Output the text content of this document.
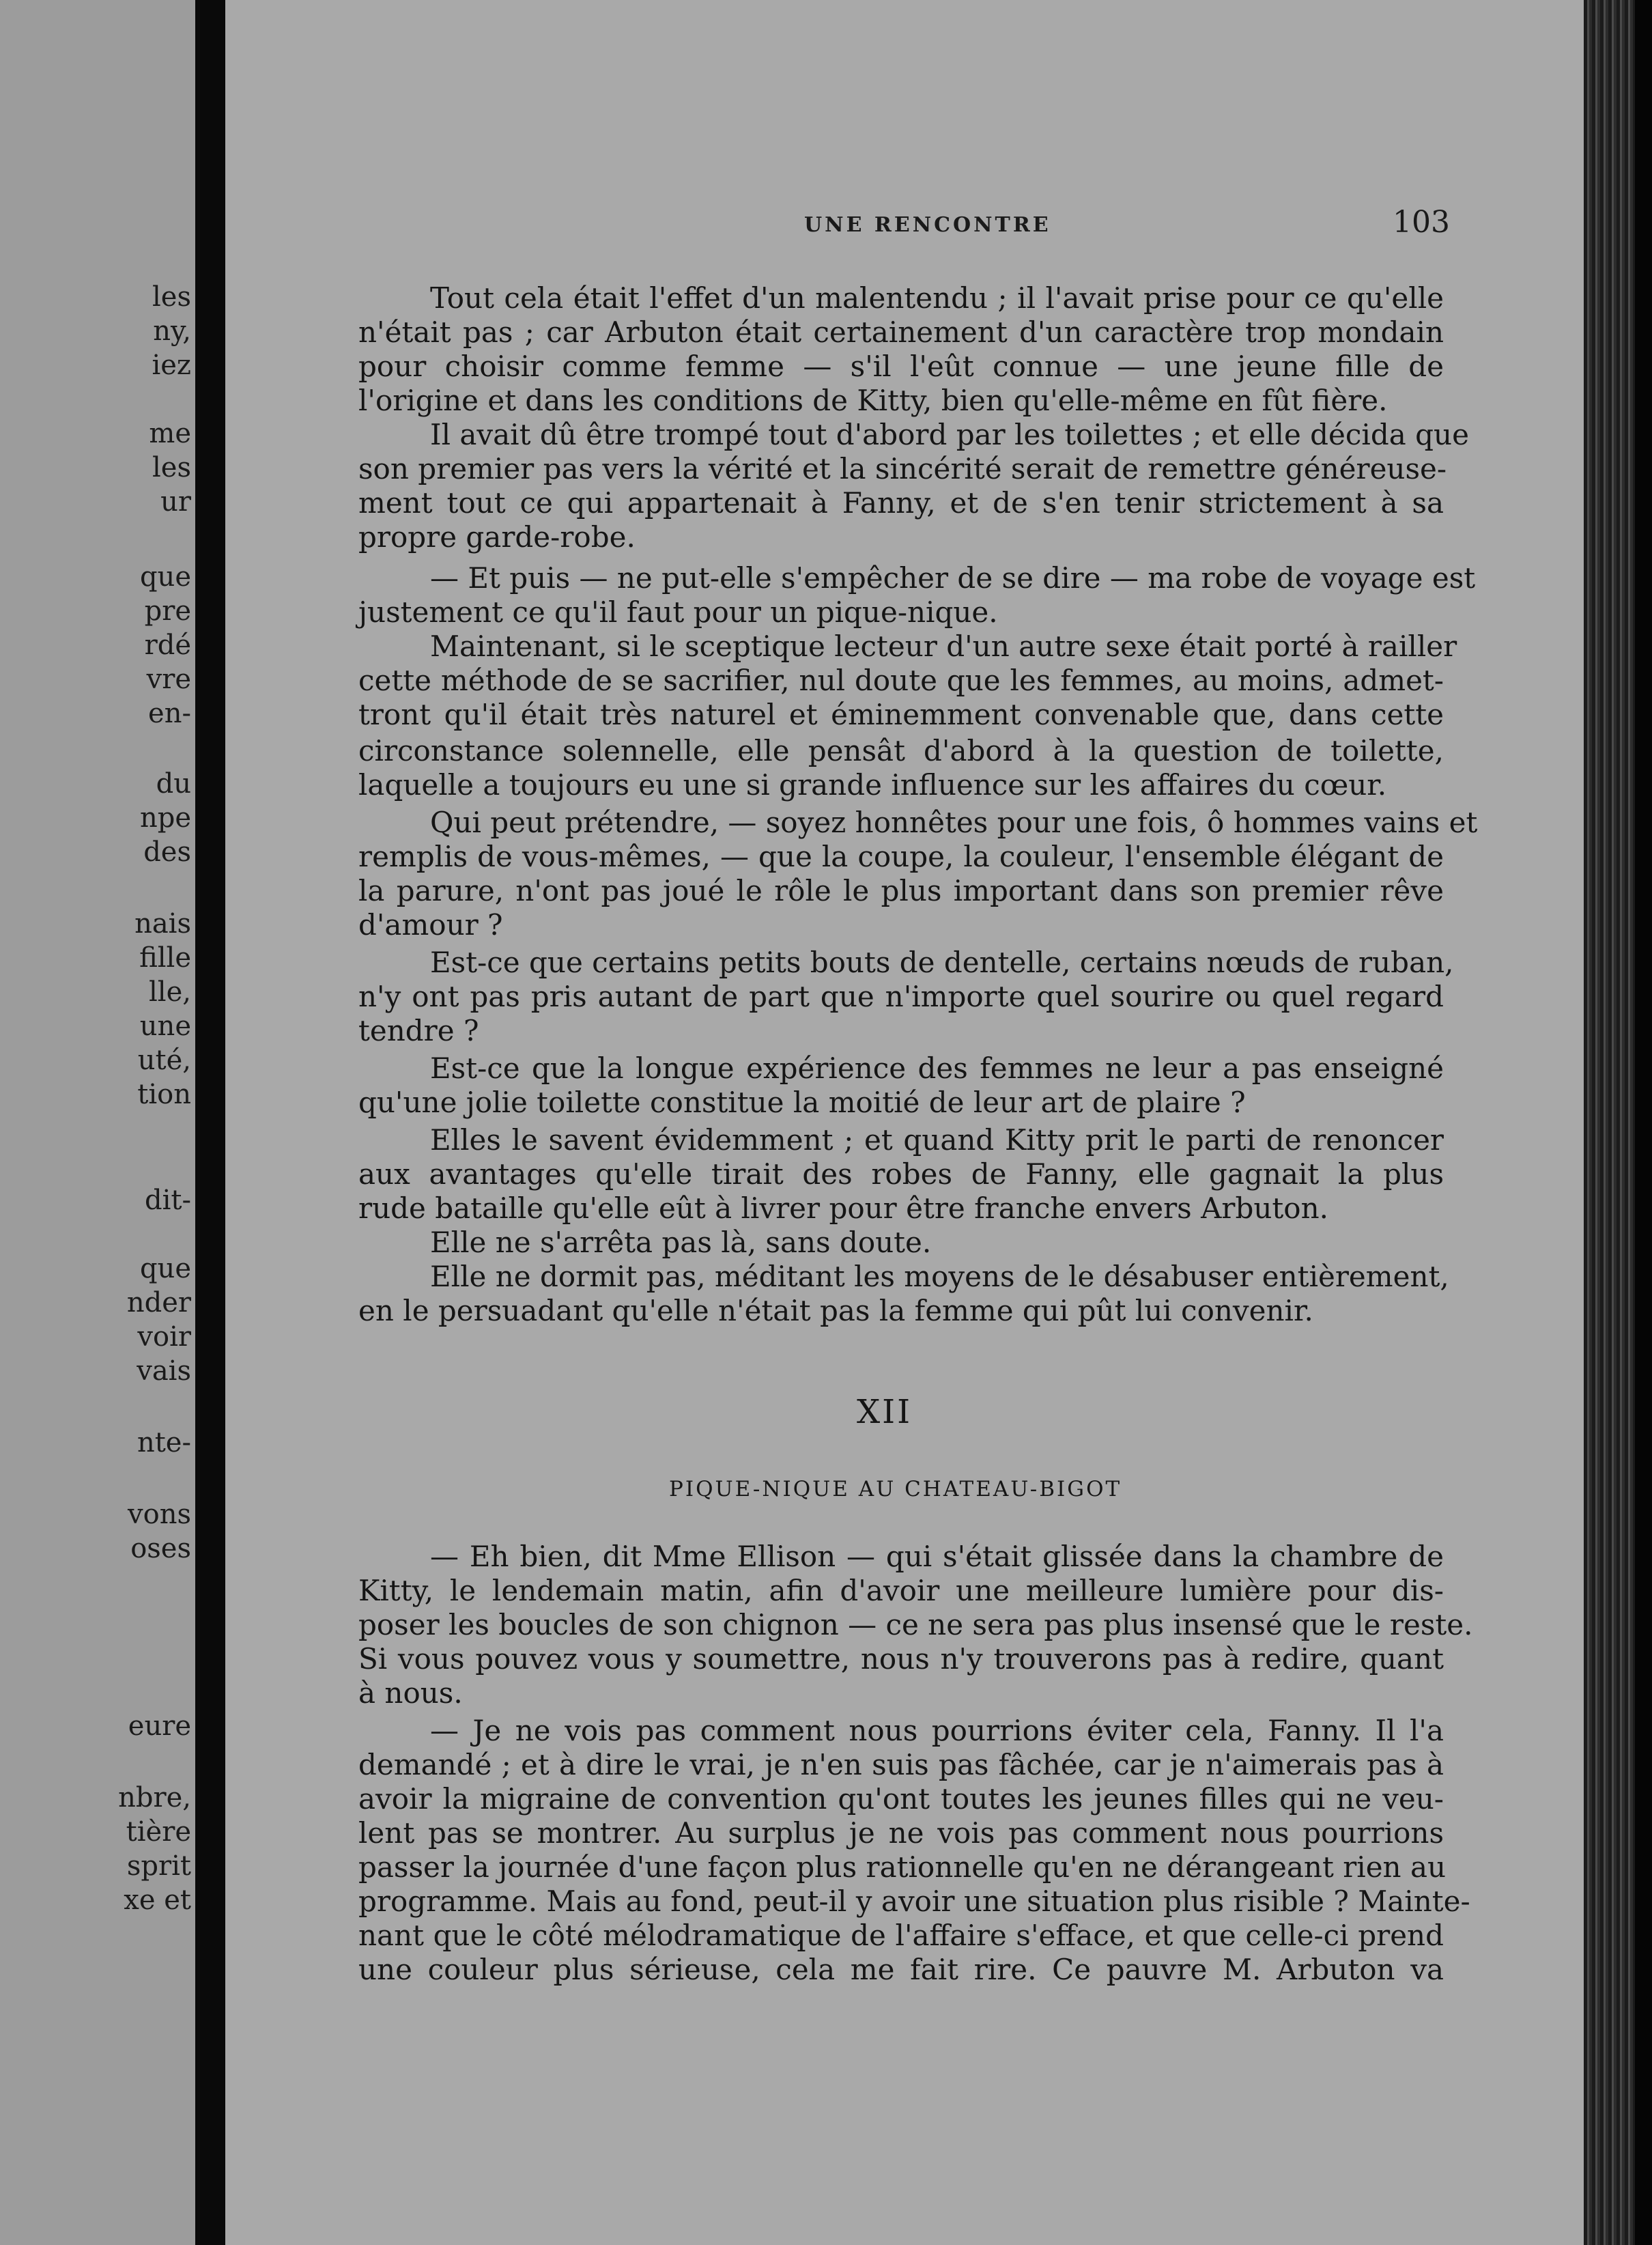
les
ny,
iez
me
les
ur
que
pre
rdé
vre
en-
du
npe
des
nais
fille
lle,
une
uté,
tion
dit-
que
nder
voir
vais
nte-
vons
oses
eure
nbre,
tière
sprit
xe et
UNE RENCONTRE	103
Tout cela était l'effet d'un malentendu ; il l'avait prise pour ce qu'elle
n'était pas ; car Arbuton était certainement d'un caractère trop mondain
pour choisir comme femme — s'il l'eût connue — une jeune fille de
l'origine et dans les conditions de Kitty, bien qu'elle-même en fût fière.
Il avait dû être trompé tout d'abord par les toilettes ; et elle décida que
son premier pas vers la vérité et la sincérité serait de remettre généreuse-
ment tout ce qui appartenait à Fanny, et de s'en tenir strictement à sa
propre garde-robe.
— Et puis — ne put-elle s'empêcher de se dire — ma robe de voyage est
justement ce qu'il faut pour un pique-nique.
Maintenant, si le sceptique lecteur d'un autre sexe était porté à railler
cette méthode de se sacrifier, nul doute que les femmes, au moins, admet-
tront qu'il était très naturel et éminemment convenable que, dans cette
circonstance solennelle, elle pensât d'abord à la question de toilette,
laquelle a toujours eu une si grande influence sur les affaires du cœur.
Qui peut prétendre, — soyez honnêtes pour une fois, ô hommes vains et
remplis de vous-mêmes, — que la coupe, la couleur, l'ensemble élégant de
la parure, n'ont pas joué le rôle le plus important dans son premier rêve
d'amour ?
Est-ce que certains petits bouts de dentelle, certains nœuds de ruban,
n'y ont pas pris autant de part que n'importe quel sourire ou quel regard
tendre ?
Est-ce que la longue expérience des femmes ne leur a pas enseigné
qu'une jolie toilette constitue la moitié de leur art de plaire ?
Elles le savent évidemment ; et quand Kitty prit le parti de renoncer
aux avantages qu'elle tirait des robes de Fanny, elle gagnait la plus
rude bataille qu'elle eût à livrer pour être franche envers Arbuton.
Elle ne s'arrêta pas là, sans doute.
Elle ne dormit pas, méditant les moyens de le désabuser entièrement,
en le persuadant qu'elle n'était pas la femme qui pût lui convenir.
XII
PIQUE-NIQUE AU CHATEAU-BIGOT
— Eh bien, dit Mme Ellison — qui s'était glissée dans la chambre de
Kitty, le lendemain matin, afin d'avoir une meilleure lumière pour dis-
poser les boucles de son chignon — ce ne sera pas plus insensé que le reste.
Si vous pouvez vous y soumettre, nous n'y trouverons pas à redire, quant
à nous.
— Je ne vois pas comment nous pourrions éviter cela, Fanny. Il l'a
demandé ; et à dire le vrai, je n'en suis pas fâchée, car je n'aimerais pas à
avoir la migraine de convention qu'ont toutes les jeunes filles qui ne veu-
lent pas se montrer. Au surplus je ne vois pas comment nous pourrions
passer la journée d'une façon plus rationnelle qu'en ne dérangeant rien au
programme. Mais au fond, peut-il y avoir une situation plus risible ? Mainte-
nant que le côté mélodramatique de l'affaire s'efface, et que celle-ci prend
une couleur plus sérieuse, cela me fait rire. Ce pauvre M. Arbuton va
